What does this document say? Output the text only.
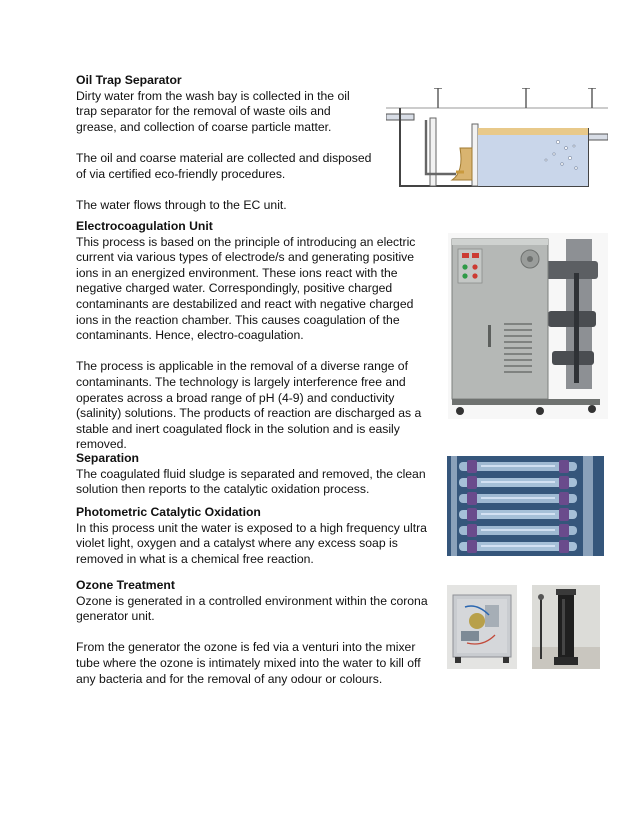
Oil Trap Separator
Dirty water from the wash bay is collected in the oil
trap separator for the removal of waste oils and
grease, and collection of coarse particle matter.
The oil and coarse material are collected and disposed
of via certified eco-friendly procedures.
The water flows through to the EC unit.
Electrocoagulation Unit
This process is based on the principle of introducing an electric
current via various types of electrode/s and generating positive
ions in an energized environment. These ions react with the
negative charged water. Correspondingly, positive charged
contaminants are destabilized and react with negative charged
ions in the reaction chamber. This causes coagulation of the
contaminants. Hence, electro-coagulation.
The process is applicable in the removal of a diverse range of
contaminants. The technology is largely interference free and
operates across a broad range of pH (4-9) and conductivity
(salinity) solutions. The products of reaction are discharged as a
stable and inert coagulated flock in the solution and is easily
removed.
Separation
The coagulated fluid sludge is separated and removed, the clean
solution then reports to the catalytic oxidation process.
Photometric Catalytic Oxidation
In this process unit the water is exposed to a high frequency ultra
violet light, oxygen and a catalyst where any excess soap is
removed in what is a chemical free reaction.
Ozone Treatment
Ozone is generated in a controlled environment within the corona
generator unit.
From the generator the ozone is fed via a venturi into the mixer
tube where the ozone is intimately mixed into the water to kill off
any bacteria and for the removal of any odour or colours.
